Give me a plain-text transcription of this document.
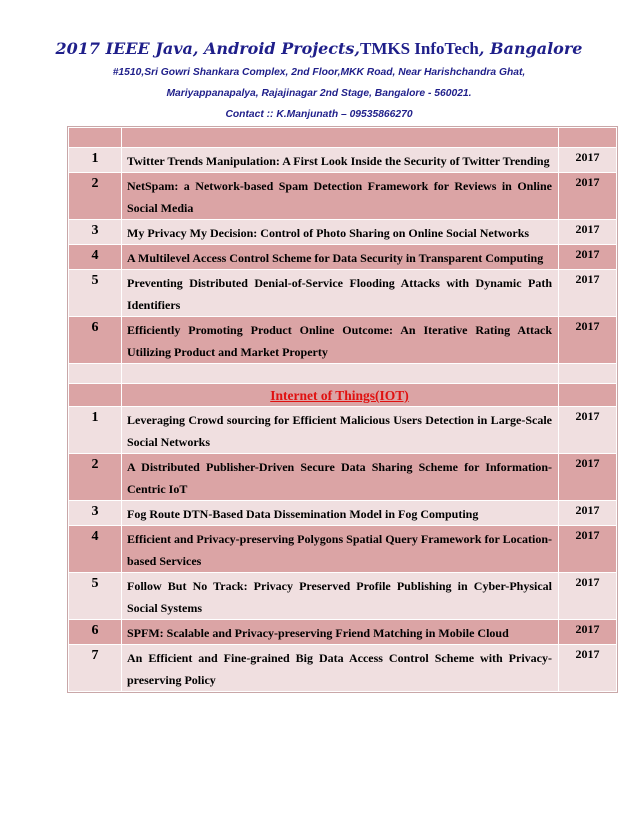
2017 IEEE Java, Android Projects,TMKS InfoTech, Bangalore
#1510,Sri Gowri Shankara Complex, 2nd Floor,MKK Road, Near Harishchandra Ghat,
Mariyappanapalya, Rajajinagar 2nd Stage, Bangalore - 560021.
Contact :: K.Manjunath – 09535866270

1	Twitter Trends Manipulation: A First Look Inside the Security of Twitter Trending	2017
2	NetSpam: a Network-based Spam Detection Framework for Reviews in Online Social Media	2017
3	My Privacy My Decision: Control of Photo Sharing on Online Social Networks	2017
4	A Multilevel Access Control Scheme for Data Security in Transparent Computing	2017
5	Preventing Distributed Denial-of-Service Flooding Attacks with Dynamic Path Identifiers	2017
6	Efficiently Promoting Product Online Outcome: An Iterative Rating Attack Utilizing Product and Market Property	2017

	Internet of Things(IOT)	
1	Leveraging Crowd sourcing for Efficient Malicious Users Detection in Large-Scale Social Networks	2017
2	A Distributed Publisher-Driven Secure Data Sharing Scheme for Information-Centric IoT	2017
3	Fog Route DTN-Based Data Dissemination Model in Fog Computing	2017
4	Efficient and Privacy-preserving Polygons Spatial Query Framework for Location-based Services	2017
5	Follow But No Track: Privacy Preserved Profile Publishing in Cyber-Physical Social Systems	2017
6	SPFM: Scalable and Privacy-preserving Friend Matching in Mobile Cloud	2017
7	An Efficient and Fine-grained Big Data Access Control Scheme with Privacy-preserving Policy	2017
